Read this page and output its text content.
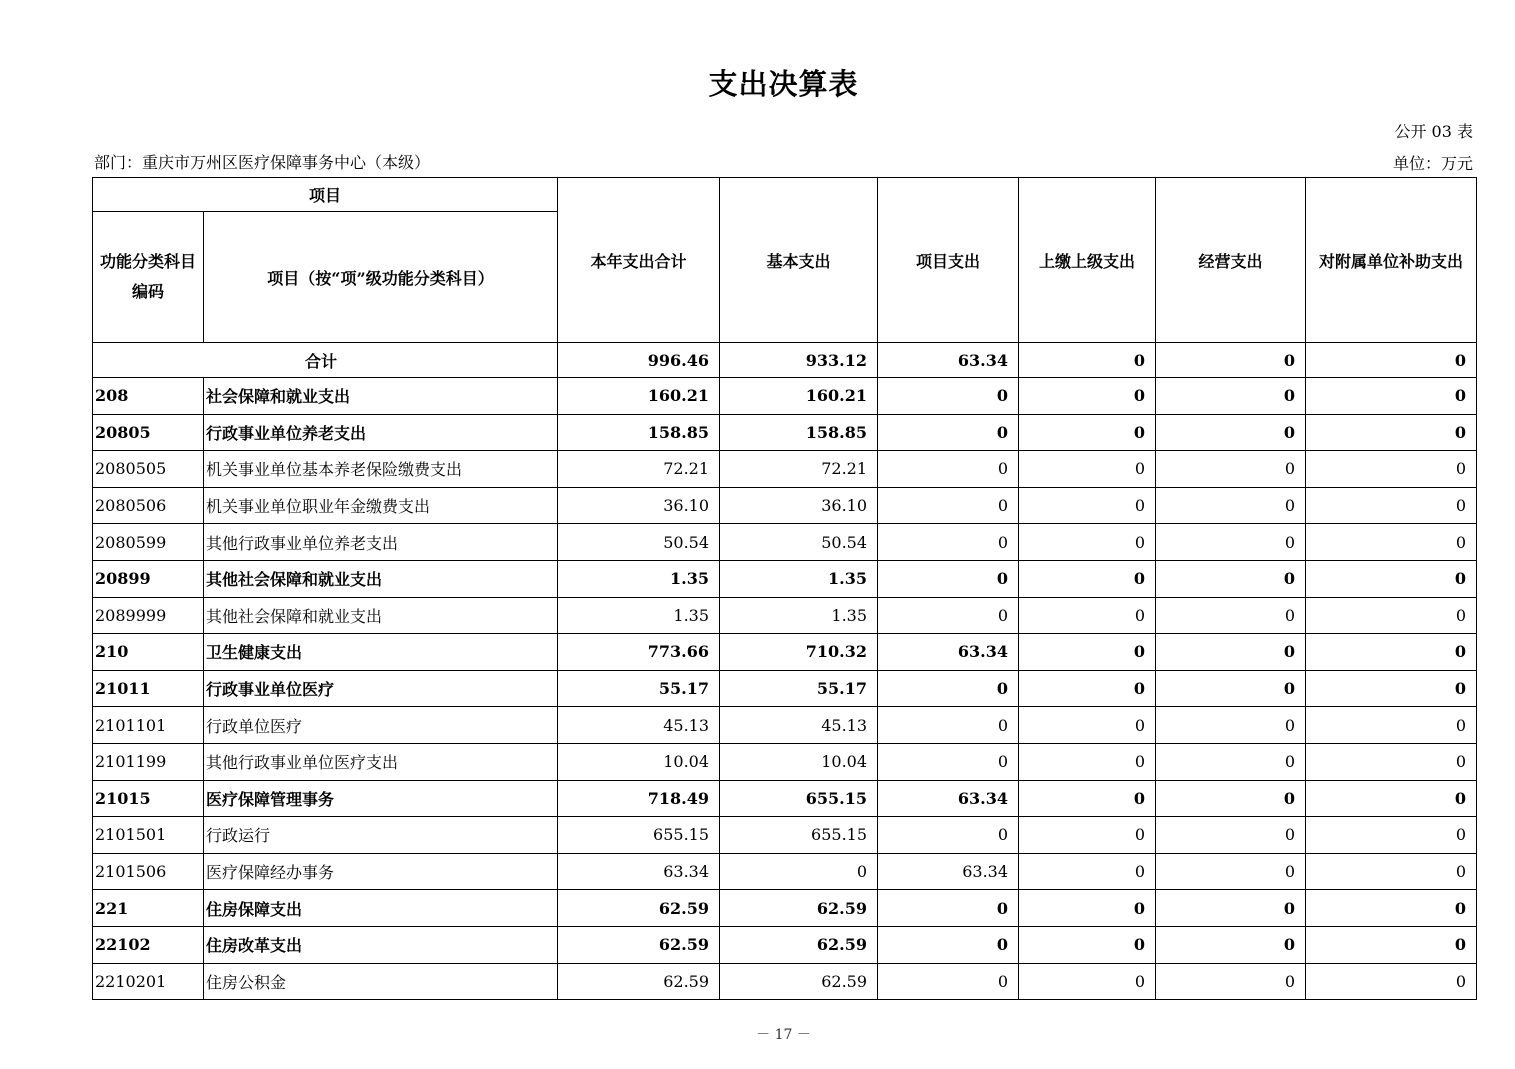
支出决算表
公开 03 表
部门：重庆市万州区医疗保障事务中心（本级）	单位：万元
项目		本年支出合计	基本支出	项目支出	上缴上级支出	经营支出	对附属单位补助支出
功能分类科目编码	项目（按“项”级功能分类科目）						
合计		996.46	933.12	63.34	0	0	0
208	社会保障和就业支出	160.21	160.21	0	0	0	0
20805	行政事业单位养老支出	158.85	158.85	0	0	0	0
2080505	机关事业单位基本养老保险缴费支出	72.21	72.21	0	0	0	0
2080506	机关事业单位职业年金缴费支出	36.10	36.10	0	0	0	0
2080599	其他行政事业单位养老支出	50.54	50.54	0	0	0	0
20899	其他社会保障和就业支出	1.35	1.35	0	0	0	0
2089999	其他社会保障和就业支出	1.35	1.35	0	0	0	0
210	卫生健康支出	773.66	710.32	63.34	0	0	0
21011	行政事业单位医疗	55.17	55.17	0	0	0	0
2101101	行政单位医疗	45.13	45.13	0	0	0	0
2101199	其他行政事业单位医疗支出	10.04	10.04	0	0	0	0
21015	医疗保障管理事务	718.49	655.15	63.34	0	0	0
2101501	行政运行	655.15	655.15	0	0	0	0
2101506	医疗保障经办事务	63.34	0	63.34	0	0	0
221	住房保障支出	62.59	62.59	0	0	0	0
22102	住房改革支出	62.59	62.59	0	0	0	0
2210201	住房公积金	62.59	62.59	0	0	0	0
－ 17 －
